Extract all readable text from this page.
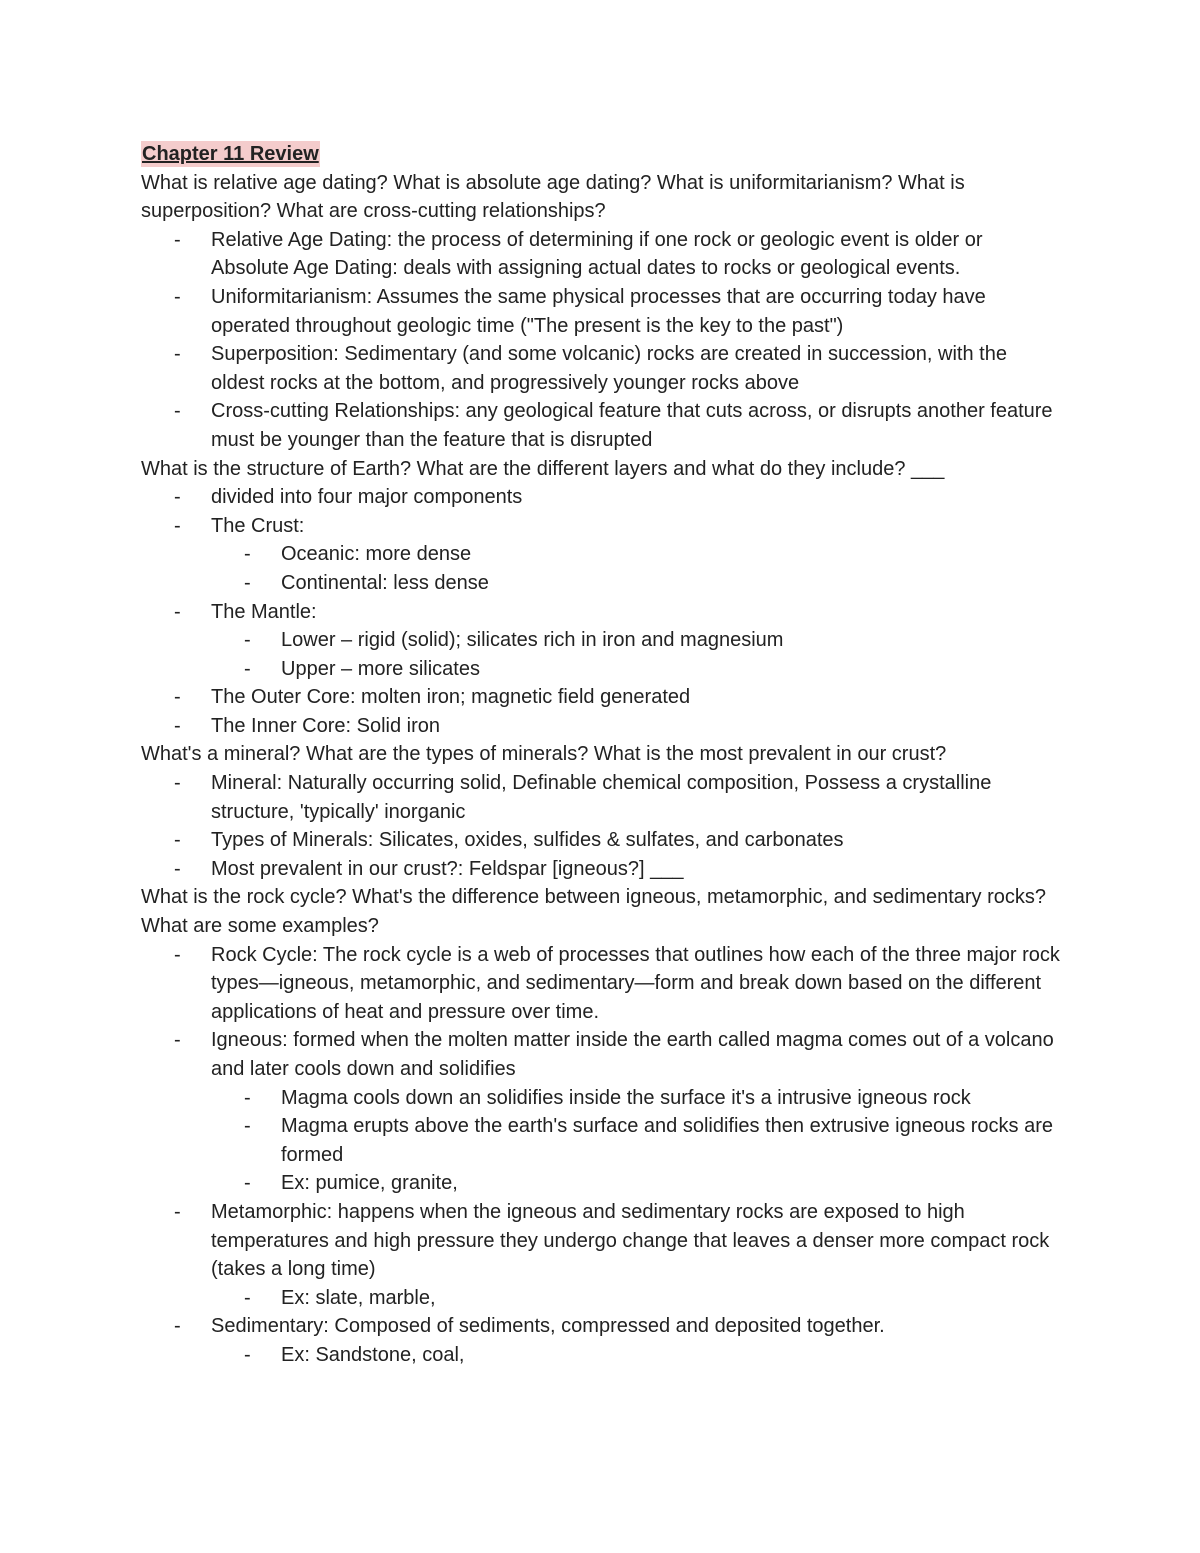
Chapter 11 Review

What is relative age dating? What is absolute age dating? What is uniformitarianism? What is superposition? What are cross-cutting relationships?

- Relative Age Dating: the process of determining if one rock or geologic event is older or Absolute Age Dating: deals with assigning actual dates to rocks or geological events.
- Uniformitarianism: Assumes the same physical processes that are occurring today have operated throughout geologic time ("The present is the key to the past")
- Superposition: Sedimentary (and some volcanic) rocks are created in succession, with the oldest rocks at the bottom, and progressively younger rocks above
- Cross-cutting Relationships: any geological feature that cuts across, or disrupts another feature must be younger than the feature that is disrupted

What is the structure of Earth? What are the different layers and what do they include? ___

- divided into four major components
- The Crust:
- Oceanic: more dense
- Continental: less dense
- The Mantle:
- Lower – rigid (solid); silicates rich in iron and magnesium
- Upper – more silicates
- The Outer Core: molten iron; magnetic field generated
- The Inner Core: Solid iron

What's a mineral? What are the types of minerals? What is the most prevalent in our crust?

- Mineral: Naturally occurring solid, Definable chemical composition, Possess a crystalline structure, 'typically' inorganic
- Types of Minerals: Silicates, oxides, sulfides & sulfates, and carbonates
- Most prevalent in our crust?: Feldspar [igneous?] ___

What is the rock cycle? What's the difference between igneous, metamorphic, and sedimentary rocks? What are some examples?

- Rock Cycle: The rock cycle is a web of processes that outlines how each of the three major rock types—igneous, metamorphic, and sedimentary—form and break down based on the different applications of heat and pressure over time.
- Igneous: formed when the molten matter inside the earth called magma comes out of a volcano and later cools down and solidifies
- Magma cools down an solidifies inside the surface it's a intrusive igneous rock
- Magma erupts above the earth's surface and solidifies then extrusive igneous rocks are formed
- Ex: pumice, granite,
- Metamorphic: happens when the igneous and sedimentary rocks are exposed to high temperatures and high pressure they undergo change that leaves a denser more compact rock (takes a long time)
- Ex: slate, marble,
- Sedimentary: Composed of sediments, compressed and deposited together.
- Ex: Sandstone, coal,
